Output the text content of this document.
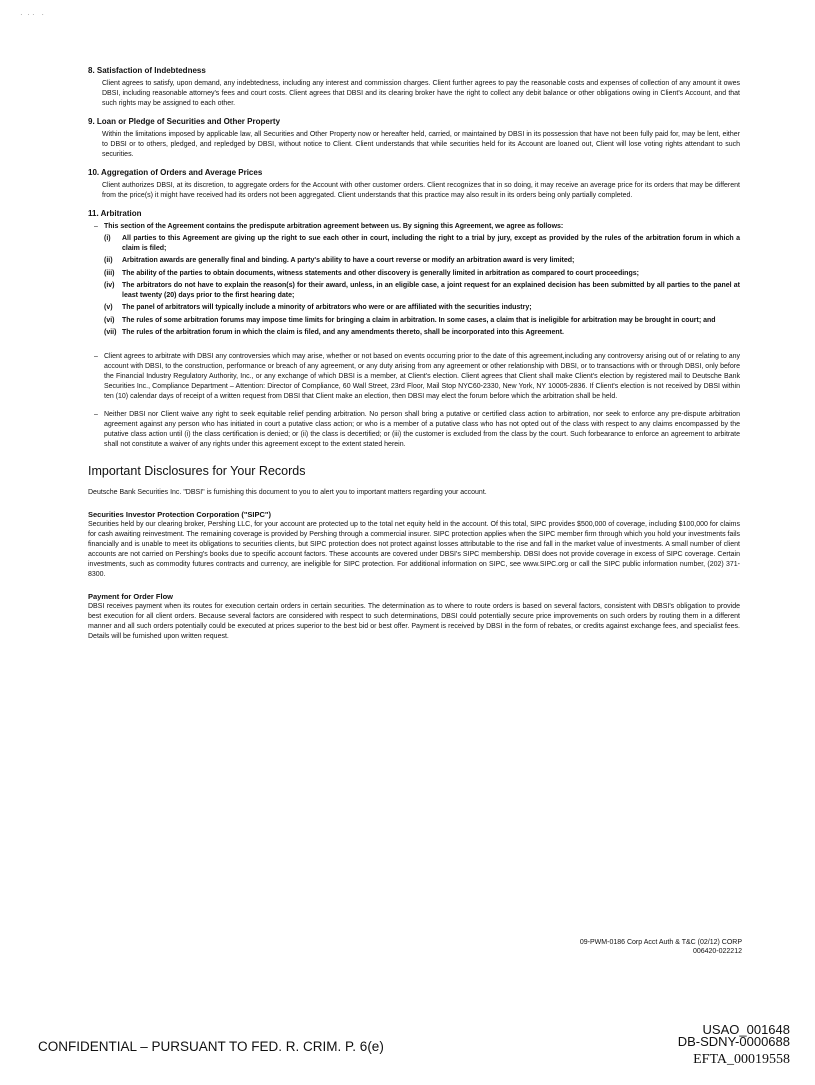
·  · ·   ·
8. Satisfaction of Indebtedness
Client agrees to satisfy, upon demand, any indebtedness, including any interest and commission charges. Client further agrees to pay the reasonable costs and expenses of collection of any amount it owes DBSI, including reasonable attorney's fees and court costs. Client agrees that DBSI and its clearing broker have the right to collect any debit balance or other obligations owing in Client's Account, and that such rights may be assigned to each other.
9. Loan or Pledge of Securities and Other Property
Within the limitations imposed by applicable law, all Securities and Other Property now or hereafter held, carried, or maintained by DBSI in its possession that have not been fully paid for, may be lent, either to DBSI or to others, pledged, and repledged by DBSI, without notice to Client. Client understands that while securities held for its Account are loaned out, Client will lose voting rights attendant to such securities.
10. Aggregation of Orders and Average Prices
Client authorizes DBSI, at its discretion, to aggregate orders for the Account with other customer orders. Client recognizes that in so doing, it may receive an average price for its orders that may be different from the price(s) it might have received had its orders not been aggregated. Client understands that this practice may also result in its orders being only partially completed.
11. Arbitration
– This section of the Agreement contains the predispute arbitration agreement between us. By signing this Agreement, we agree as follows:
(i)	All parties to this Agreement are giving up the right to sue each other in court, including the right to a trial by jury, except as provided by the rules of the arbitration forum in which a claim is filed;
(ii)	Arbitration awards are generally final and binding. A party's ability to have a court reverse or modify an arbitration award is very limited;
(iii)	The ability of the parties to obtain documents, witness statements and other discovery is generally limited in arbitration as compared to court proceedings;
(iv)	The arbitrators do not have to explain the reason(s) for their award, unless, in an eligible case, a joint request for an explained decision has been submitted by all parties to the panel at least twenty (20) days prior to the first hearing date;
(v)	The panel of arbitrators will typically include a minority of arbitrators who were or are affiliated with the securities industry;
(vi)	The rules of some arbitration forums may impose time limits for bringing a claim in arbitration. In some cases, a claim that is ineligible for arbitration may be brought in court; and
(vii) The rules of the arbitration forum in which the claim is filed, and any amendments thereto, shall be incorporated into this Agreement.
– Client agrees to arbitrate with DBSI any controversies which may arise, whether or not based on events occurring prior to the date of this agreement,including any controversy arising out of or relating to any account with DBSI, to the construction, performance or breach of any agreement, or any duty arising from any agreement or other relationship with DBSI, or to transactions with or through DBSI, only before the Financial Industry Regulatory Authority, Inc., or any exchange of which DBSI is a member, at Client's election. Client agrees that Client shall make Client's election by registered mail to Deutsche Bank Securities Inc., Compliance Department – Attention: Director of Compliance, 60 Wall Street, 23rd Floor, Mail Stop NYC60-2330, New York, NY 10005-2836. If Client's election is not received by DBSI within ten (10) calendar days of receipt of a written request from DBSI that Client make an election, then DBSI may elect the forum before which the arbitration shall be held.
– Neither DBSI nor Client waive any right to seek equitable relief pending arbitration. No person shall bring a putative or certified class action to arbitration, nor seek to enforce any pre-dispute arbitration agreement against any person who has initiated in court a putative class action; or who is a member of a putative class who has not opted out of the class with respect to any claims encompassed by the putative class action until (i) the class certification is denied; or (ii) the class is decertified; or (iii) the customer is excluded from the class by the court. Such forbearance to enforce an agreement to arbitrate shall not constitute a waiver of any rights under this agreement except to the extent stated herein.
Important Disclosures for Your Records
Deutsche Bank Securities Inc. "DBSI" is furnishing this document to you to alert you to important matters regarding your account.
Securities Investor Protection Corporation ("SIPC")
Securities held by our clearing broker, Pershing LLC, for your account are protected up to the total net equity held in the account. Of this total, SIPC provides $500,000 of coverage, including $100,000 for claims for cash awaiting reinvestment. The remaining coverage is provided by Pershing through a commercial insurer. SIPC protection applies when the SIPC member firm through which you hold your investments fails financially and is unable to meet its obligations to securities clients, but SIPC protection does not protect against losses attributable to the rise and fall in the market value of investments. A small number of client accounts are not carried on Pershing's books due to specific account factors. These accounts are covered under DBSI's SIPC membership. DBSI does not provide coverage in excess of SIPC coverage. Certain investments, such as commodity futures contracts and currency, are ineligible for SIPC protection. For additional information on SIPC, see www.SIPC.org or call the SIPC public information number, (202) 371-8300.
Payment for Order Flow
DBSI receives payment when its routes for execution certain orders in certain securities. The determination as to where to route orders is based on several factors, consistent with DBSI's obligation to provide best execution for all client orders. Because several factors are considered with respect to such determinations, DBSI could potentially secure price improvements on such orders by routing them in a different manner and all such orders potentially could be executed at prices superior to the best bid or best offer. Payment is received by DBSI in the form of rebates, or credits against exchange fees, and specialist fees. Details will be furnished upon written request.
09-PWM-0186 Corp Acct Auth & T&C (02/12) CORP
006420-022212
CONFIDENTIAL – PURSUANT TO FED. R. CRIM. P. 6(e)
USAO_001648
DB-SDNY-0000688
EFTA_00019558
